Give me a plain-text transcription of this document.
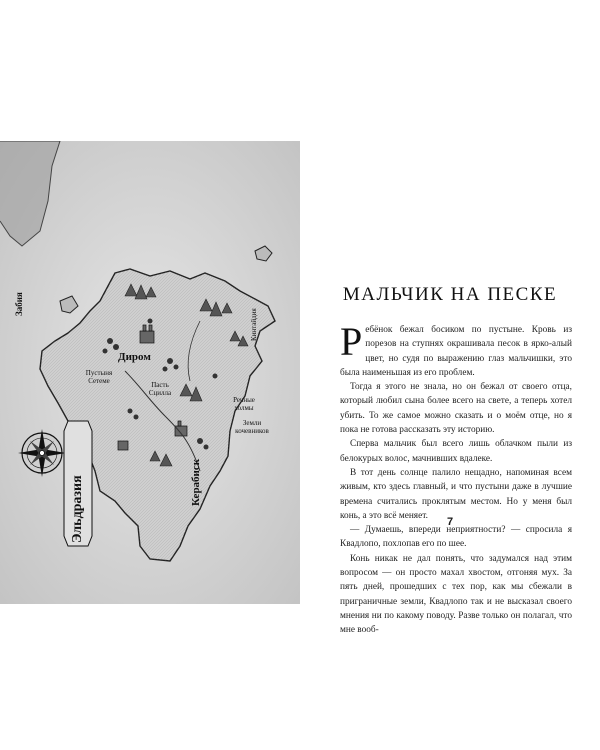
Эльдразия
Забия
Диром
Керабиск
Кинтайдия
Пустыня Сетеме	Пасть Сцилла
Речные холмы
Земли кочевников
МАЛЬЧИК НА ПЕСКЕ

Ребёнок бежал босиком по пустыне. Кровь из порезов на ступнях окрашивала песок в ярко-алый цвет, но судя по выражению глаз мальчишки, это была наименьшая из его проблем.

Тогда я этого не знала, но он бежал от своего отца, который любил сына более всего на свете, а теперь хотел убить. То же самое можно сказать и о моём отце, но я пока не готова рассказать эту историю.

Сперва мальчик был всего лишь облачком пыли из белокурых волос, мачнивших вдалеке.

В тот день солнце палило нещадно, напоминая всем живым, кто здесь главный, и что пустыни даже в лучшие времена считались проклятым местом. Но у меня был конь, а это всё меняет.

— Думаешь, впереди неприятности? — спросила я Квадлопо, похлопав его по шее.

Конь никак не дал понять, что задумался над этим вопросом — он просто махал хвостом, отгоняя мух. За пять дней, прошедших с тех пор, как мы сбежали в приграничные земли, Квадлопо так и не высказал своего мнения ни по какому поводу. Разве только он полагал, что мне вооб-

7
